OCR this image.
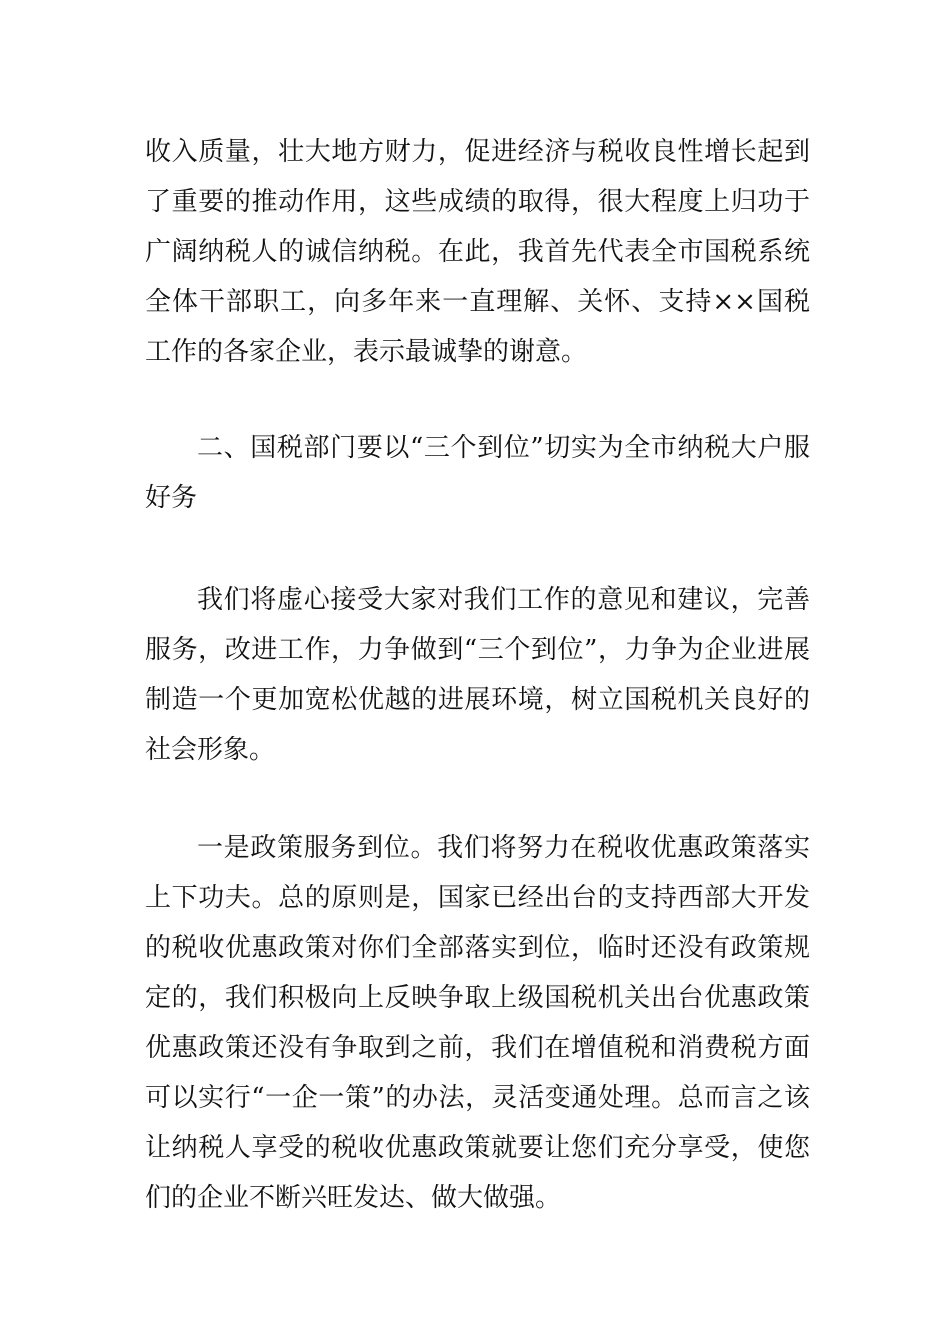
收入质量，壮大地方财力，促进经济与税收良性增长起到了重要的推动作用，这些成绩的取得，很大程度上归功于广阔纳税人的诚信纳税。在此，我首先代表全市国税系统全体干部职工，向多年来一直理解、关怀、支持××国税工作的各家企业，表示最诚挚的谢意。

二、国税部门要以“三个到位”切实为全市纳税大户服好务

我们将虚心接受大家对我们工作的意见和建议，完善服务，改进工作，力争做到“三个到位”，力争为企业进展制造一个更加宽松优越的进展环境，树立国税机关良好的社会形象。

一是政策服务到位。我们将努力在税收优惠政策落实上下功夫。总的原则是，国家已经出台的支持西部大开发的税收优惠政策对你们全部落实到位，临时还没有政策规定的，我们积极向上反映争取上级国税机关出台优惠政策优惠政策还没有争取到之前，我们在增值税和消费税方面可以实行“一企一策”的办法，灵活变通处理。总而言之该让纳税人享受的税收优惠政策就要让您们充分享受，使您们的企业不断兴旺发达、做大做强。
